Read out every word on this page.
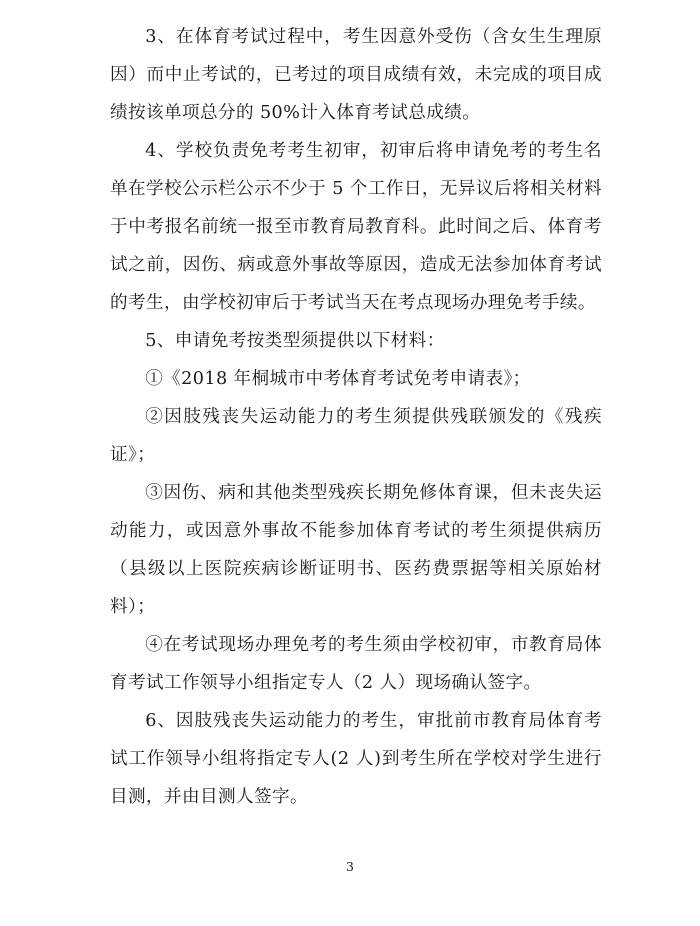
3、在体育考试过程中，考生因意外受伤（含女生生理原因）而中止考试的，已考过的项目成绩有效，未完成的项目成绩按该单项总分的 50%计入体育考试总成绩。

4、学校负责免考考生初审，初审后将申请免考的考生名单在学校公示栏公示不少于 5 个工作日，无异议后将相关材料于中考报名前统一报至市教育局教育科。此时间之后、体育考试之前，因伤、病或意外事故等原因，造成无法参加体育考试的考生，由学校初审后于考试当天在考点现场办理免考手续。

5、申请免考按类型须提供以下材料：

①《2018 年桐城市中考体育考试免考申请表》；

②因肢残丧失运动能力的考生须提供残联颁发的《残疾证》；

③因伤、病和其他类型残疾长期免修体育课，但未丧失运动能力，或因意外事故不能参加体育考试的考生须提供病历（县级以上医院疾病诊断证明书、医药费票据等相关原始材料）；

④在考试现场办理免考的考生须由学校初审，市教育局体育考试工作领导小组指定专人（2 人）现场确认签字。

6、因肢残丧失运动能力的考生，审批前市教育局体育考试工作领导小组将指定专人(2 人)到考生所在学校对学生进行目测，并由目测人签字。

3
